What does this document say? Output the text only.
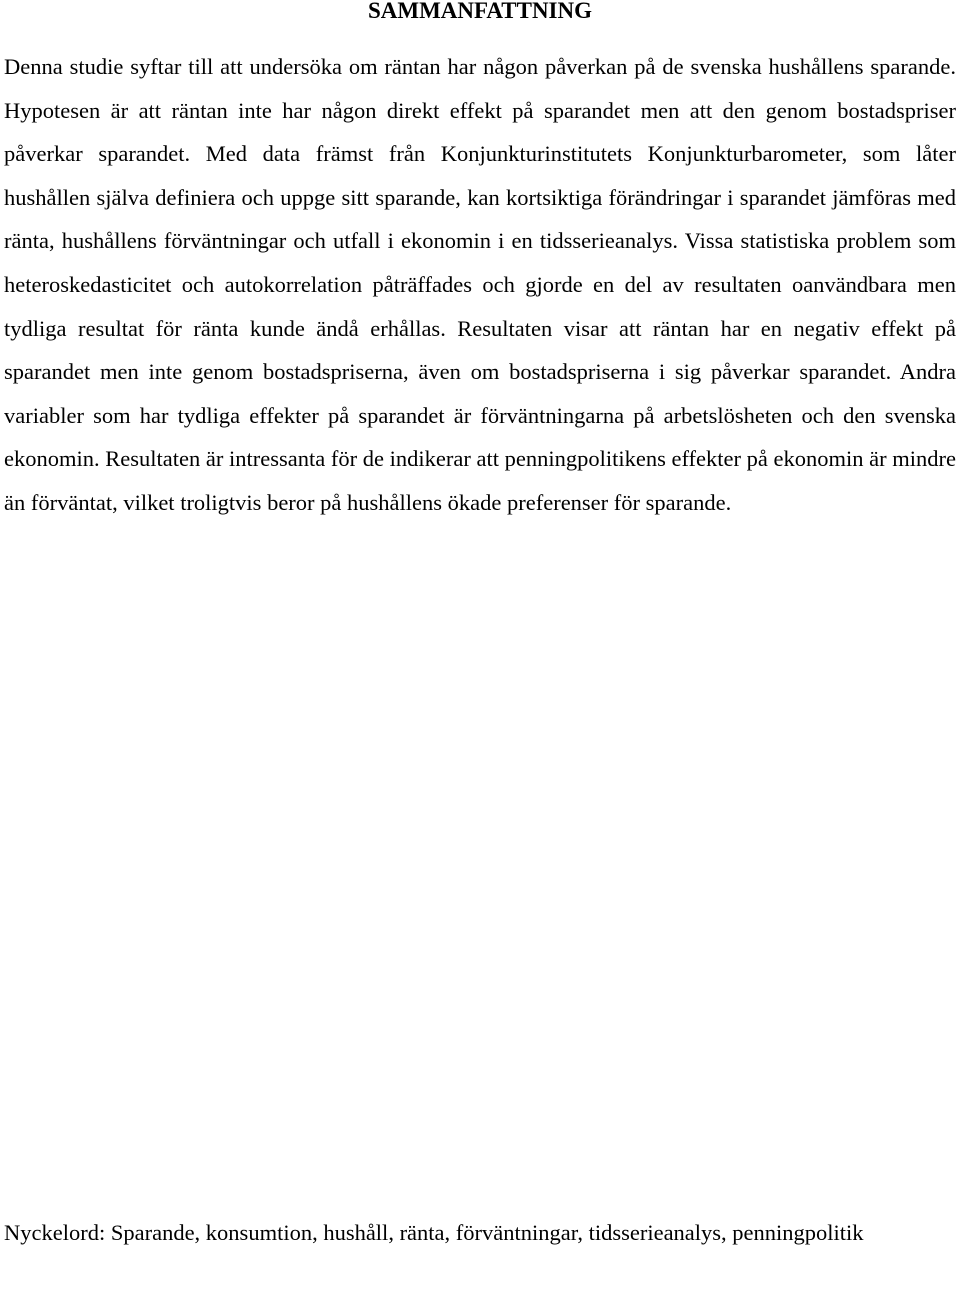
SAMMANFATTNING

Denna studie syftar till att undersöka om räntan har någon påverkan på de svenska hushållens sparande. Hypotesen är att räntan inte har någon direkt effekt på sparandet men att den genom bostadspriser påverkar sparandet. Med data främst från Konjunkturinstitutets Konjunkturbarometer, som låter hushållen själva definiera och uppge sitt sparande, kan kortsiktiga förändringar i sparandet jämföras med ränta, hushållens förväntningar och utfall i ekonomin i en tidsserieanalys. Vissa statistiska problem som heteroskedasticitet och autokorrelation påträffades och gjorde en del av resultaten oanvändbara men tydliga resultat för ränta kunde ändå erhållas. Resultaten visar att räntan har en negativ effekt på sparandet men inte genom bostadspriserna, även om bostadspriserna i sig påverkar sparandet. Andra variabler som har tydliga effekter på sparandet är förväntningarna på arbetslösheten och den svenska ekonomin. Resultaten är intressanta för de indikerar att penningpolitikens effekter på ekonomin är mindre än förväntat, vilket troligtvis beror på hushållens ökade preferenser för sparande.

Nyckelord: Sparande, konsumtion, hushåll, ränta, förväntningar, tidsserieanalys, penningpolitik
